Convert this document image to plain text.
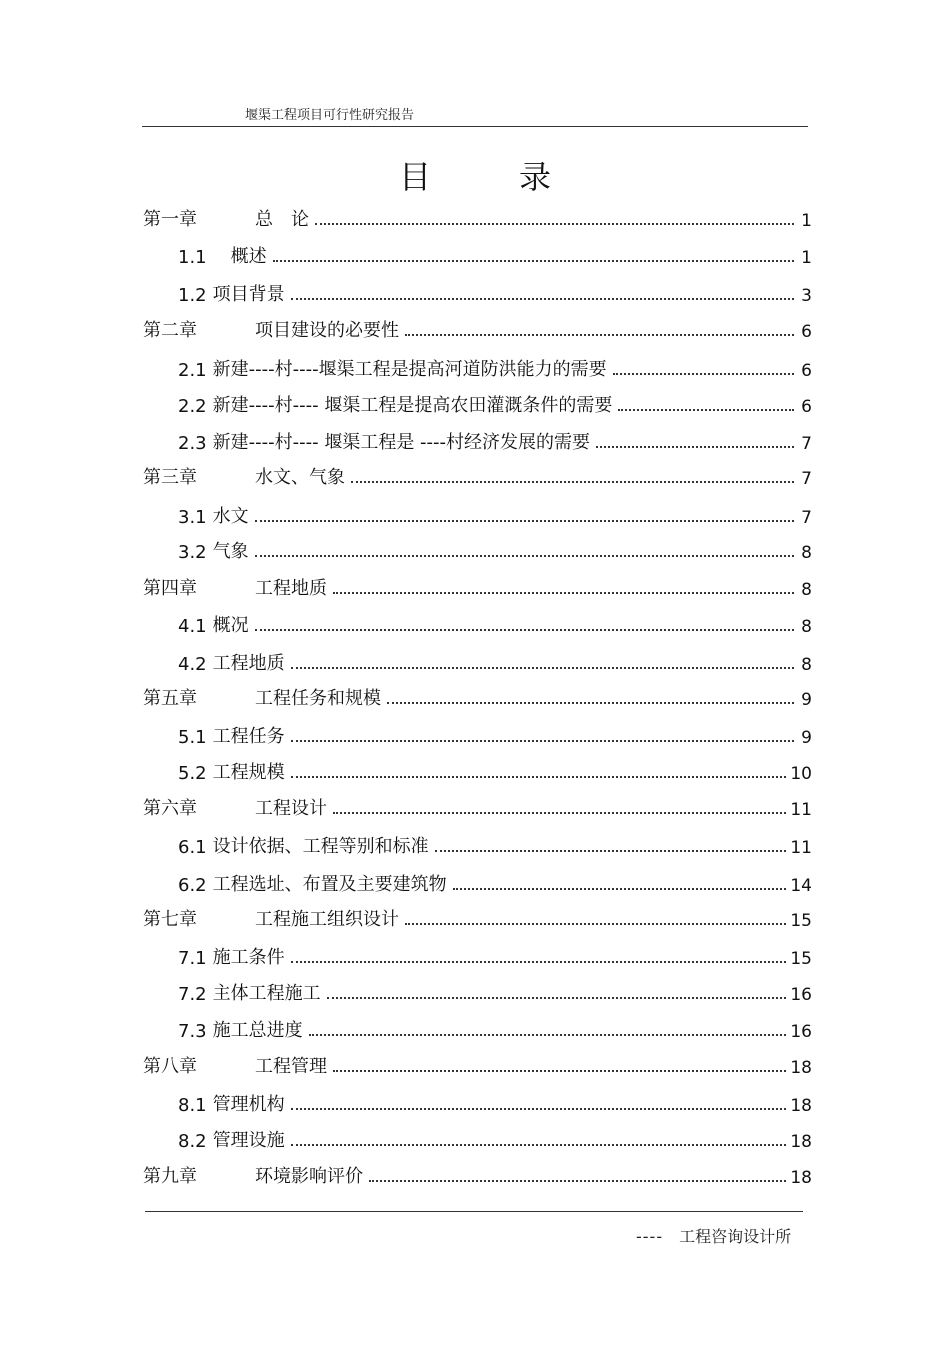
堰渠工程项目可行性研究报告
目录
第一章	总　论	1
1.1 　概述	1
1.2 项目背景	3
第二章	项目建设的必要性	6
2.1 新建----村----堰渠工程是提高河道防洪能力的需要	6
2.2 新建----村---- 堰渠工程是提高农田灌溉条件的需要	6
2.3 新建----村---- 堰渠工程是 ----村经济发展的需要	7
第三章	水文、气象	7
3.1 水文	7
3.2 气象	8
第四章	工程地质	8
4.1 概况	8
4.2 工程地质	8
第五章	工程任务和规模	9
5.1 工程任务	9
5.2 工程规模	10
第六章	工程设计	11
6.1 设计依据、工程等别和标准	11
6.2 工程选址、布置及主要建筑物	14
第七章	工程施工组织设计	15
7.1 施工条件	15
7.2 主体工程施工	16
7.3 施工总进度	16
第八章	工程管理	18
8.1 管理机构	18
8.2 管理设施	18
第九章	环境影响评价	18
---- 工程咨询设计所
